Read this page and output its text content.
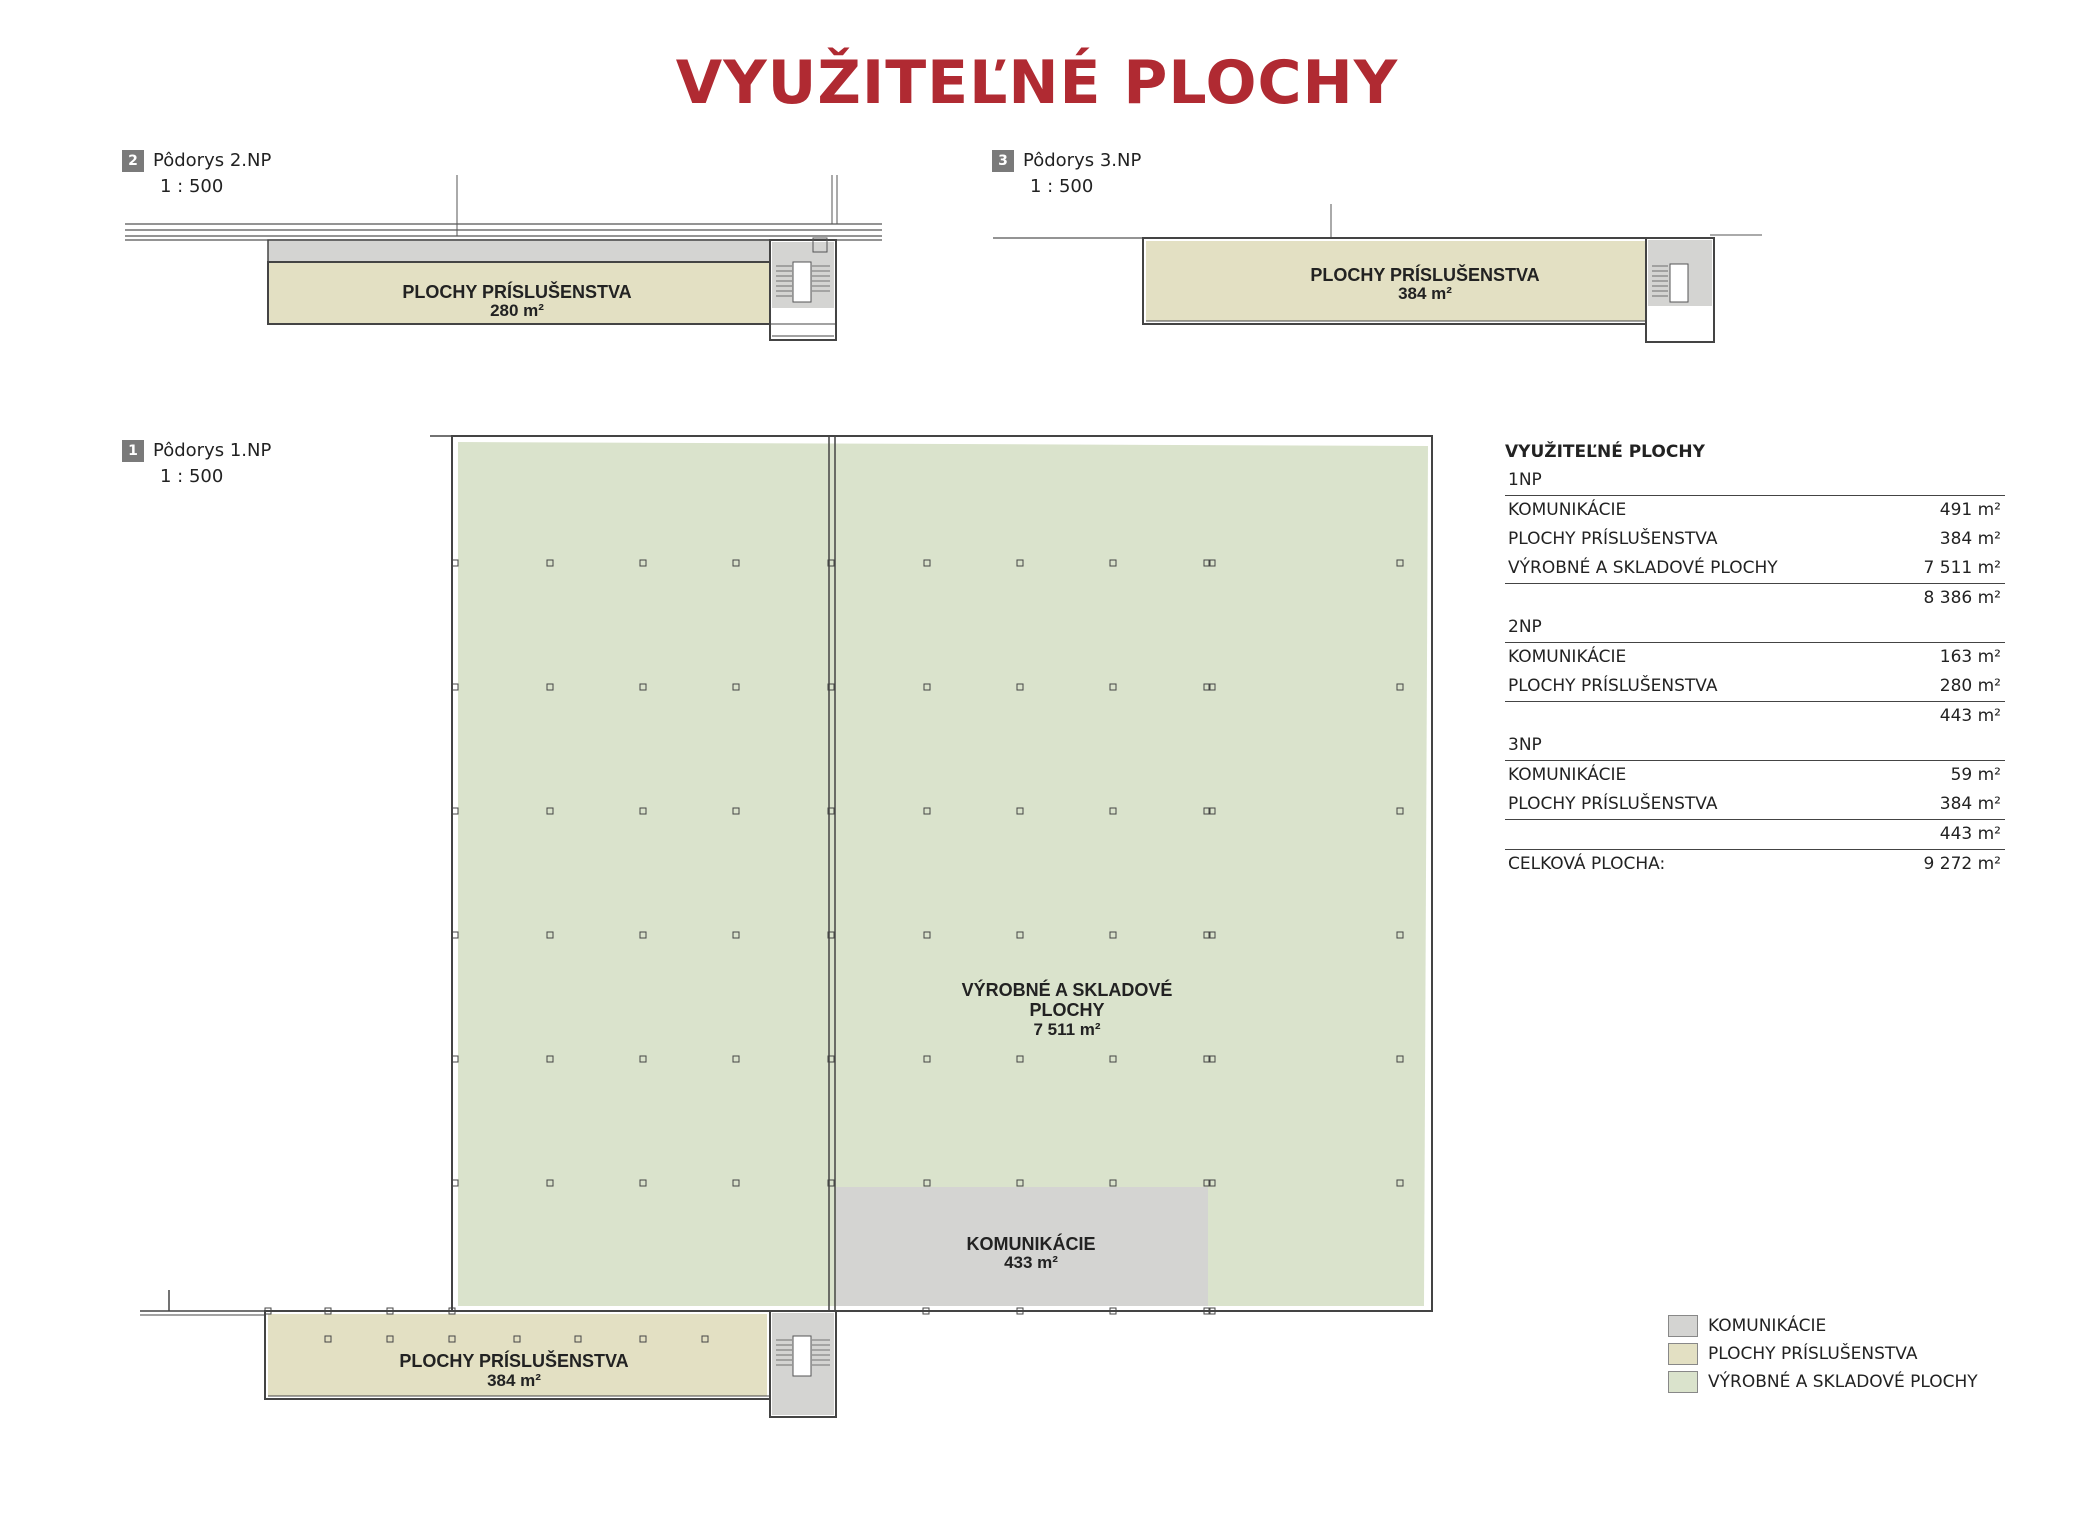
VYUŽITEĽNÉ PLOCHY
2 Pôdorys 2.NP
1 : 500
3 Pôdorys 3.NP
1 : 500
1 Pôdorys 1.NP
1 : 500
PLOCHY PRÍSLUŠENSTVA
280 m²
PLOCHY PRÍSLUŠENSTVA
384 m²
VÝROBNÉ A SKLADOVÉ
PLOCHY
7 511 m²
KOMUNIKÁCIE
433 m²
PLOCHY PRÍSLUŠENSTVA
384 m²
VYUŽITEĽNÉ PLOCHY
1NP
KOMUNIKÁCIE	491 m²
PLOCHY PRÍSLUŠENSTVA	384 m²
VÝROBNÉ A SKLADOVÉ PLOCHY	7 511 m²
8 386 m²
2NP
KOMUNIKÁCIE	163 m²
PLOCHY PRÍSLUŠENSTVA	280 m²
443 m²
3NP
KOMUNIKÁCIE	59 m²
PLOCHY PRÍSLUŠENSTVA	384 m²
443 m²
CELKOVÁ PLOCHA:	9 272 m²
KOMUNIKÁCIE
PLOCHY PRÍSLUŠENSTVA
VÝROBNÉ A SKLADOVÉ PLOCHY
